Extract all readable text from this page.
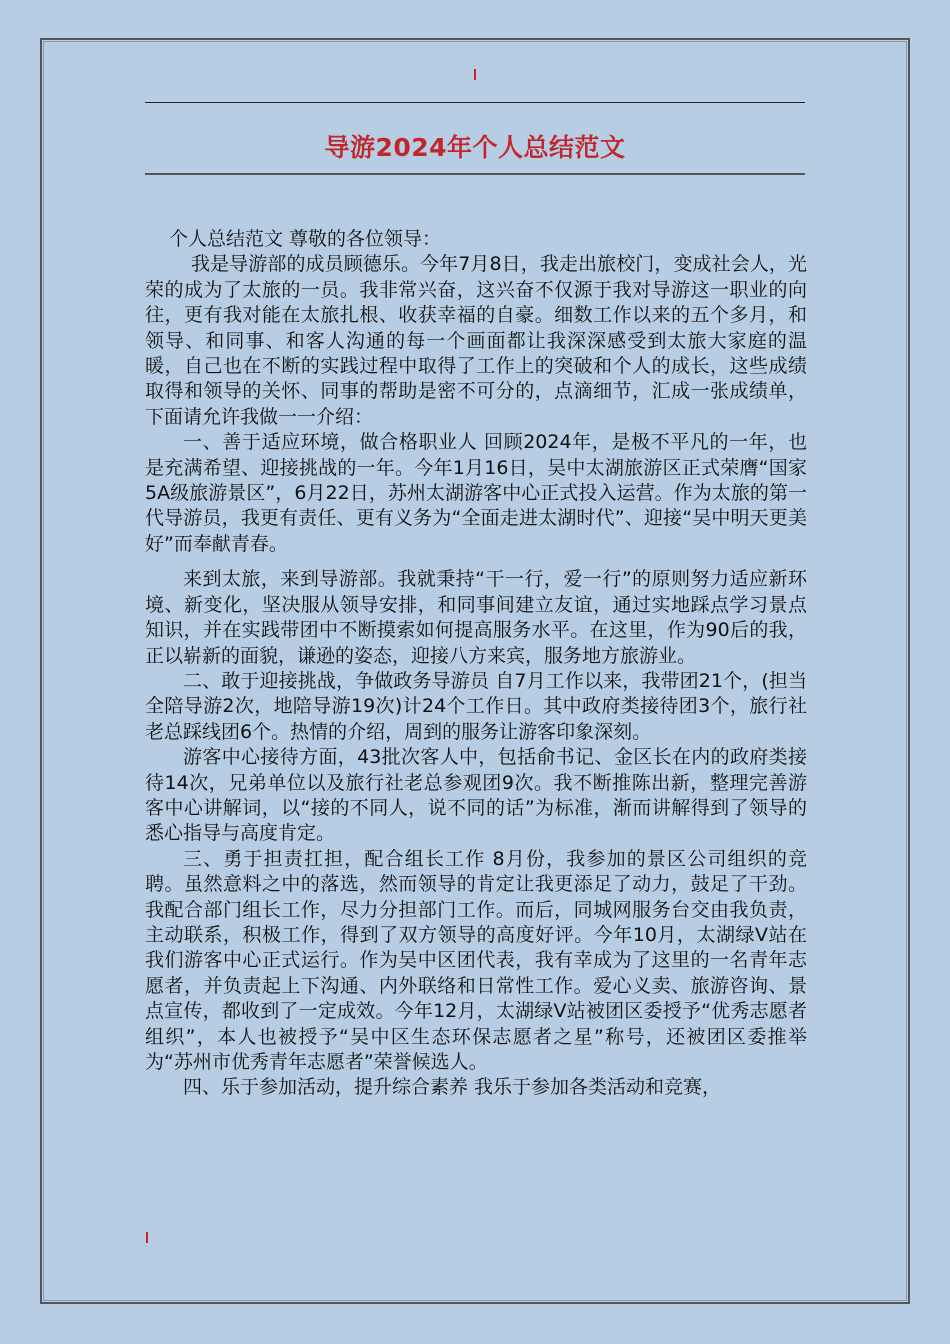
导游2024年个人总结范文

个人总结范文 尊敬的各位领导：

我是导游部的成员顾德乐。今年7月8日，我走出旅校门，变成社会人，光荣的成为了太旅的一员。我非常兴奋，这兴奋不仅源于我对导游这一职业的向往，更有我对能在太旅扎根、收获幸福的自豪。细数工作以来的五个多月，和领导、和同事、和客人沟通的每一个画面都让我深深感受到太旅大家庭的温暖，自己也在不断的实践过程中取得了工作上的突破和个人的成长，这些成绩取得和领导的关怀、同事的帮助是密不可分的，点滴细节，汇成一张成绩单，下面请允许我做一一介绍：

一、善于适应环境，做合格职业人 回顾2024年，是极不平凡的一年，也是充满希望、迎接挑战的一年。今年1月16日，吴中太湖旅游区正式荣膺“国家5A级旅游景区”，6月22日，苏州太湖游客中心正式投入运营。作为太旅的第一代导游员，我更有责任、更有义务为“全面走进太湖时代”、迎接“吴中明天更美好”而奉献青春。

来到太旅，来到导游部。我就秉持“干一行，爱一行”的原则努力适应新环境、新变化，坚决服从领导安排，和同事间建立友谊，通过实地踩点学习景点知识，并在实践带团中不断摸索如何提高服务水平。在这里，作为90后的我，正以崭新的面貌，谦逊的姿态，迎接八方来宾，服务地方旅游业。

二、敢于迎接挑战，争做政务导游员 自7月工作以来，我带团21个，(担当全陪导游2次，地陪导游19次)计24个工作日。其中政府类接待团3个，旅行社老总踩线团6个。热情的介绍，周到的服务让游客印象深刻。

游客中心接待方面，43批次客人中，包括俞书记、金区长在内的政府类接待14次，兄弟单位以及旅行社老总参观团9次。我不断推陈出新，整理完善游客中心讲解词，以“接的不同人，说不同的话”为标准，渐而讲解得到了领导的悉心指导与高度肯定。

三、勇于担责扛担，配合组长工作 8月份，我参加的景区公司组织的竞聘。虽然意料之中的落选，然而领导的肯定让我更添足了动力，鼓足了干劲。我配合部门组长工作，尽力分担部门工作。而后，同城网服务台交由我负责，主动联系，积极工作，得到了双方领导的高度好评。今年10月，太湖绿V站在我们游客中心正式运行。作为吴中区团代表，我有幸成为了这里的一名青年志愿者，并负责起上下沟通、内外联络和日常性工作。爱心义卖、旅游咨询、景点宣传，都收到了一定成效。今年12月，太湖绿V站被团区委授予“优秀志愿者组织”，本人也被授予“吴中区生态环保志愿者之星”称号，还被团区委推举为“苏州市优秀青年志愿者”荣誉候选人。

四、乐于参加活动，提升综合素养 我乐于参加各类活动和竞赛，
